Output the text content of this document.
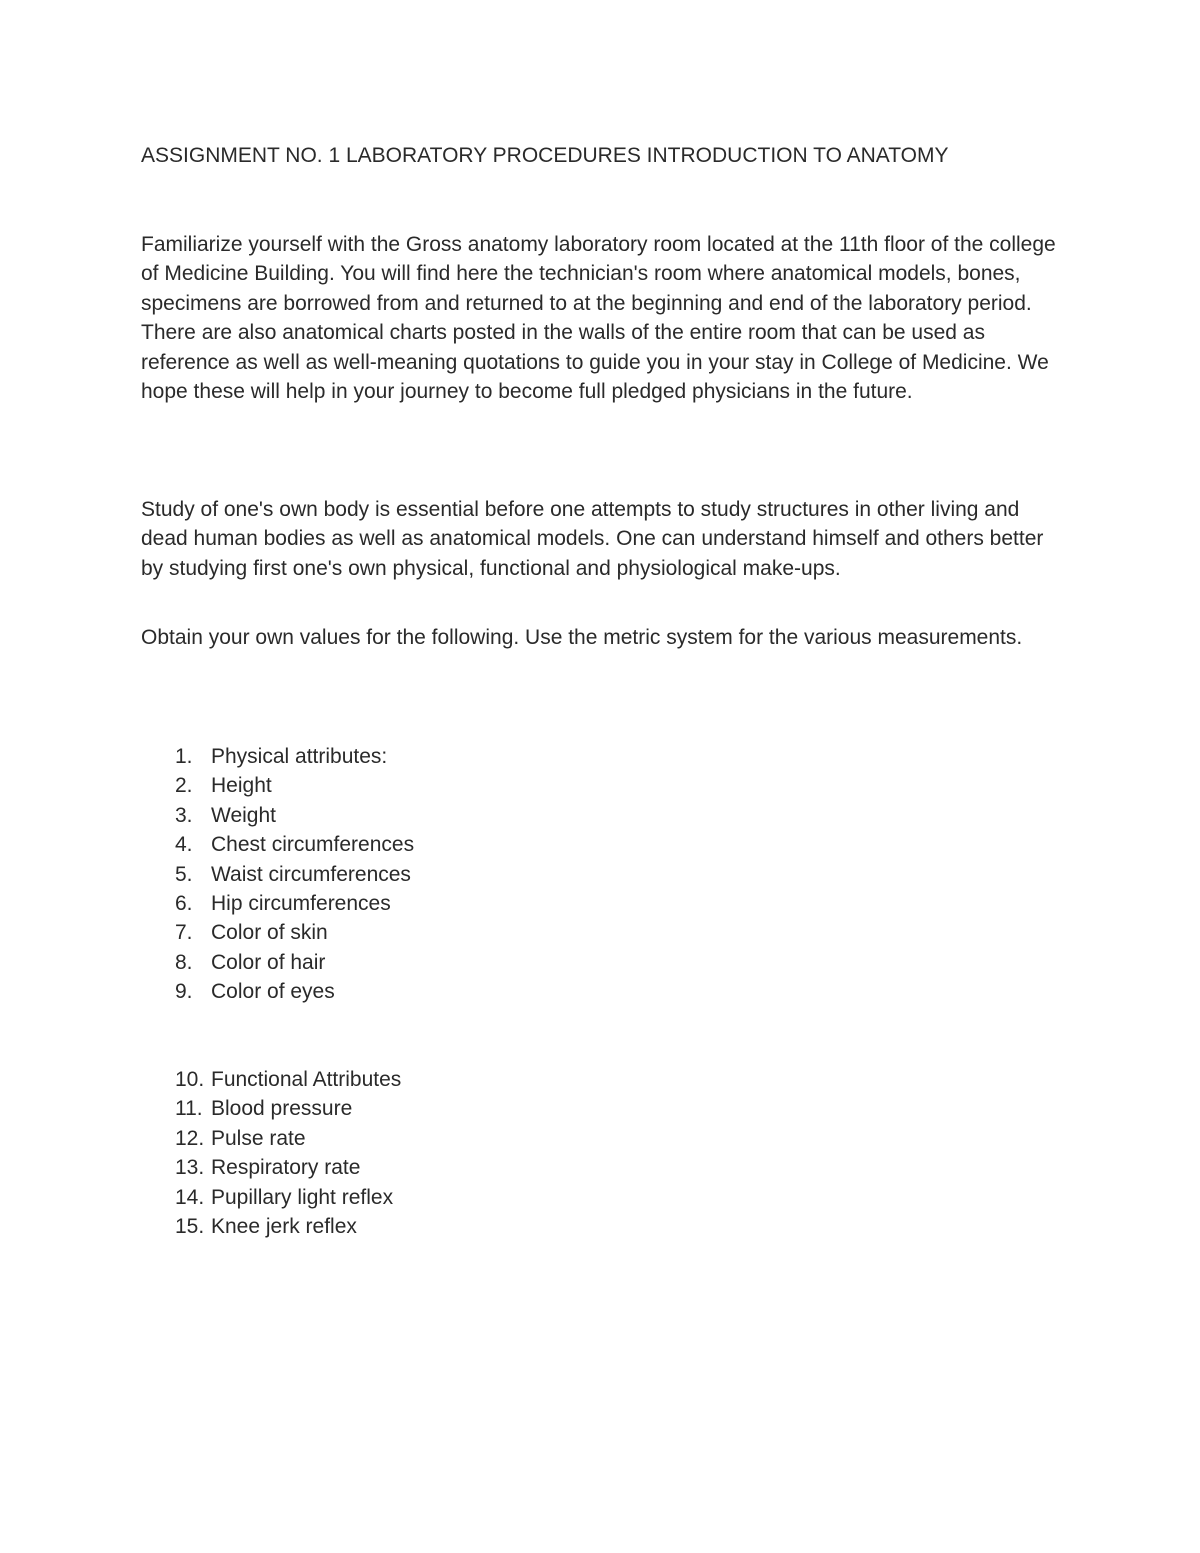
ASSIGNMENT NO. 1 LABORATORY PROCEDURES INTRODUCTION TO ANATOMY

Familiarize yourself with the Gross anatomy laboratory room located at the 11th floor of the college of Medicine Building. You will find here the technician's room where anatomical models, bones, specimens are borrowed from and returned to at the beginning and end of the laboratory period. There are also anatomical charts posted in the walls of the entire room that can be used as reference as well as well-meaning quotations to guide you in your stay in College of Medicine. We hope these will help in your journey to become full pledged physicians in the future.

Study of one's own body is essential before one attempts to study structures in other living and dead human bodies as well as anatomical models. One can understand himself and others better by studying first one's own physical, functional and physiological make-ups.

Obtain your own values for the following. Use the metric system for the various measurements.

1. Physical attributes:
2. Height
3. Weight
4. Chest circumferences
5. Waist circumferences
6. Hip circumferences
7. Color of skin
8. Color of hair
9. Color of eyes
10. Functional Attributes
11. Blood pressure
12. Pulse rate
13. Respiratory rate
14. Pupillary light reflex
15. Knee jerk reflex
